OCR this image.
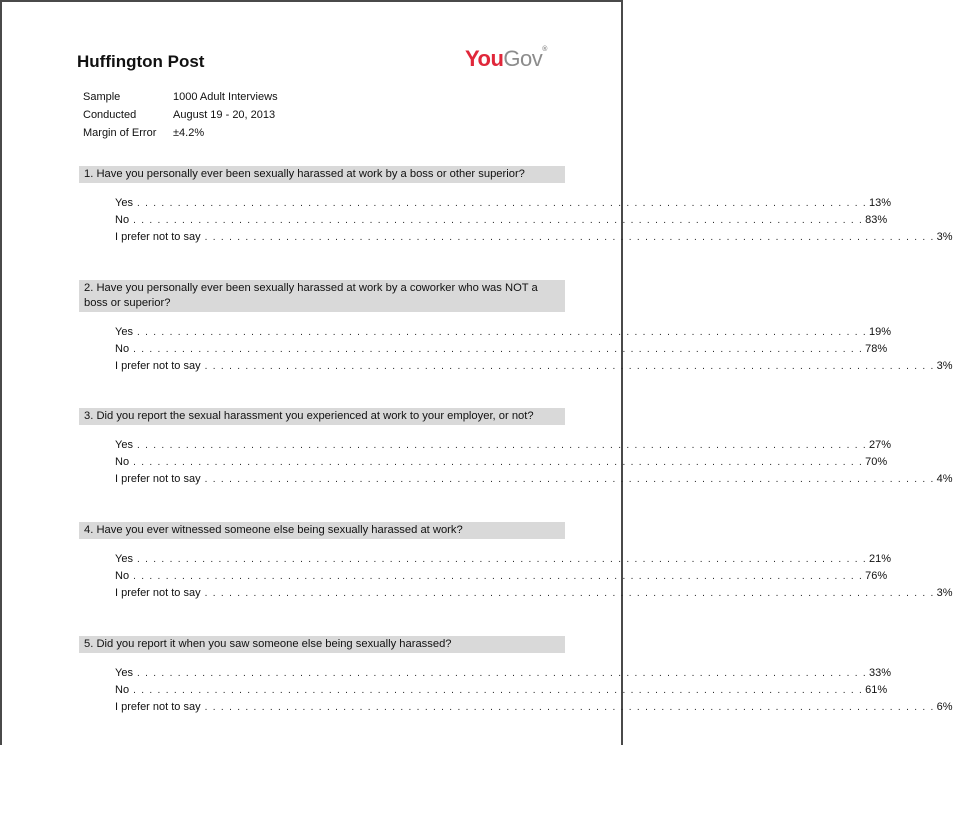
Huffington Post	YouGov®
Sample	1000 Adult Interviews
Conducted	August 19 - 20, 2013
Margin of Error	±4.2%
1. Have you personally ever been sexually harassed at work by a boss or other superior?
Yes . . . . . . . . . . . . . . . . . . . . . . . . . . . . . . . . . . . . . . . . . . . . . . . . . . . . . . . . . . . . . . . . . . . . . . . . . . . . . . . . . . . . . . . . . . 13%
No . . . . . . . . . . . . . . . . . . . . . . . . . . . . . . . . . . . . . . . . . . . . . . . . . . . . . . . . . . . . . . . . . . . . . . . . . . . . . . . . . . . . . . . . . . 83%
I prefer not to say . . . . . . . . . . . . . . . . . . . . . . . . . . . . . . . . . . . . . . . . . . . . . . . . . . . . . . . . . . . . . . . . . . . . . . . . . . . . . . . . . . . . . . . . . . 3%
2. Have you personally ever been sexually harassed at work by a coworker who was NOT a boss or superior?
Yes . . . . . . . . . . . . . . . . . . . . . . . . . . . . . . . . . . . . . . . . . . . . . . . . . . . . . . . . . . . . . . . . . . . . . . . . . . . . . . . . . . . . . . . . . . 19%
No . . . . . . . . . . . . . . . . . . . . . . . . . . . . . . . . . . . . . . . . . . . . . . . . . . . . . . . . . . . . . . . . . . . . . . . . . . . . . . . . . . . . . . . . . . 78%
I prefer not to say . . . . . . . . . . . . . . . . . . . . . . . . . . . . . . . . . . . . . . . . . . . . . . . . . . . . . . . . . . . . . . . . . . . . . . . . . . . . . . . . . . . . . . . . . . 3%
3. Did you report the sexual harassment you experienced at work to your employer, or not?
Yes . . . . . . . . . . . . . . . . . . . . . . . . . . . . . . . . . . . . . . . . . . . . . . . . . . . . . . . . . . . . . . . . . . . . . . . . . . . . . . . . . . . . . . . . . . 27%
No . . . . . . . . . . . . . . . . . . . . . . . . . . . . . . . . . . . . . . . . . . . . . . . . . . . . . . . . . . . . . . . . . . . . . . . . . . . . . . . . . . . . . . . . . . 70%
I prefer not to say . . . . . . . . . . . . . . . . . . . . . . . . . . . . . . . . . . . . . . . . . . . . . . . . . . . . . . . . . . . . . . . . . . . . . . . . . . . . . . . . . . . . . . . . . . 4%
4. Have you ever witnessed someone else being sexually harassed at work?
Yes . . . . . . . . . . . . . . . . . . . . . . . . . . . . . . . . . . . . . . . . . . . . . . . . . . . . . . . . . . . . . . . . . . . . . . . . . . . . . . . . . . . . . . . . . . 21%
No . . . . . . . . . . . . . . . . . . . . . . . . . . . . . . . . . . . . . . . . . . . . . . . . . . . . . . . . . . . . . . . . . . . . . . . . . . . . . . . . . . . . . . . . . . 76%
I prefer not to say . . . . . . . . . . . . . . . . . . . . . . . . . . . . . . . . . . . . . . . . . . . . . . . . . . . . . . . . . . . . . . . . . . . . . . . . . . . . . . . . . . . . . . . . . . 3%
5. Did you report it when you saw someone else being sexually harassed?
Yes . . . . . . . . . . . . . . . . . . . . . . . . . . . . . . . . . . . . . . . . . . . . . . . . . . . . . . . . . . . . . . . . . . . . . . . . . . . . . . . . . . . . . . . . . . 33%
No . . . . . . . . . . . . . . . . . . . . . . . . . . . . . . . . . . . . . . . . . . . . . . . . . . . . . . . . . . . . . . . . . . . . . . . . . . . . . . . . . . . . . . . . . . 61%
I prefer not to say . . . . . . . . . . . . . . . . . . . . . . . . . . . . . . . . . . . . . . . . . . . . . . . . . . . . . . . . . . . . . . . . . . . . . . . . . . . . . . . . . . . . . . . . . . 6%
